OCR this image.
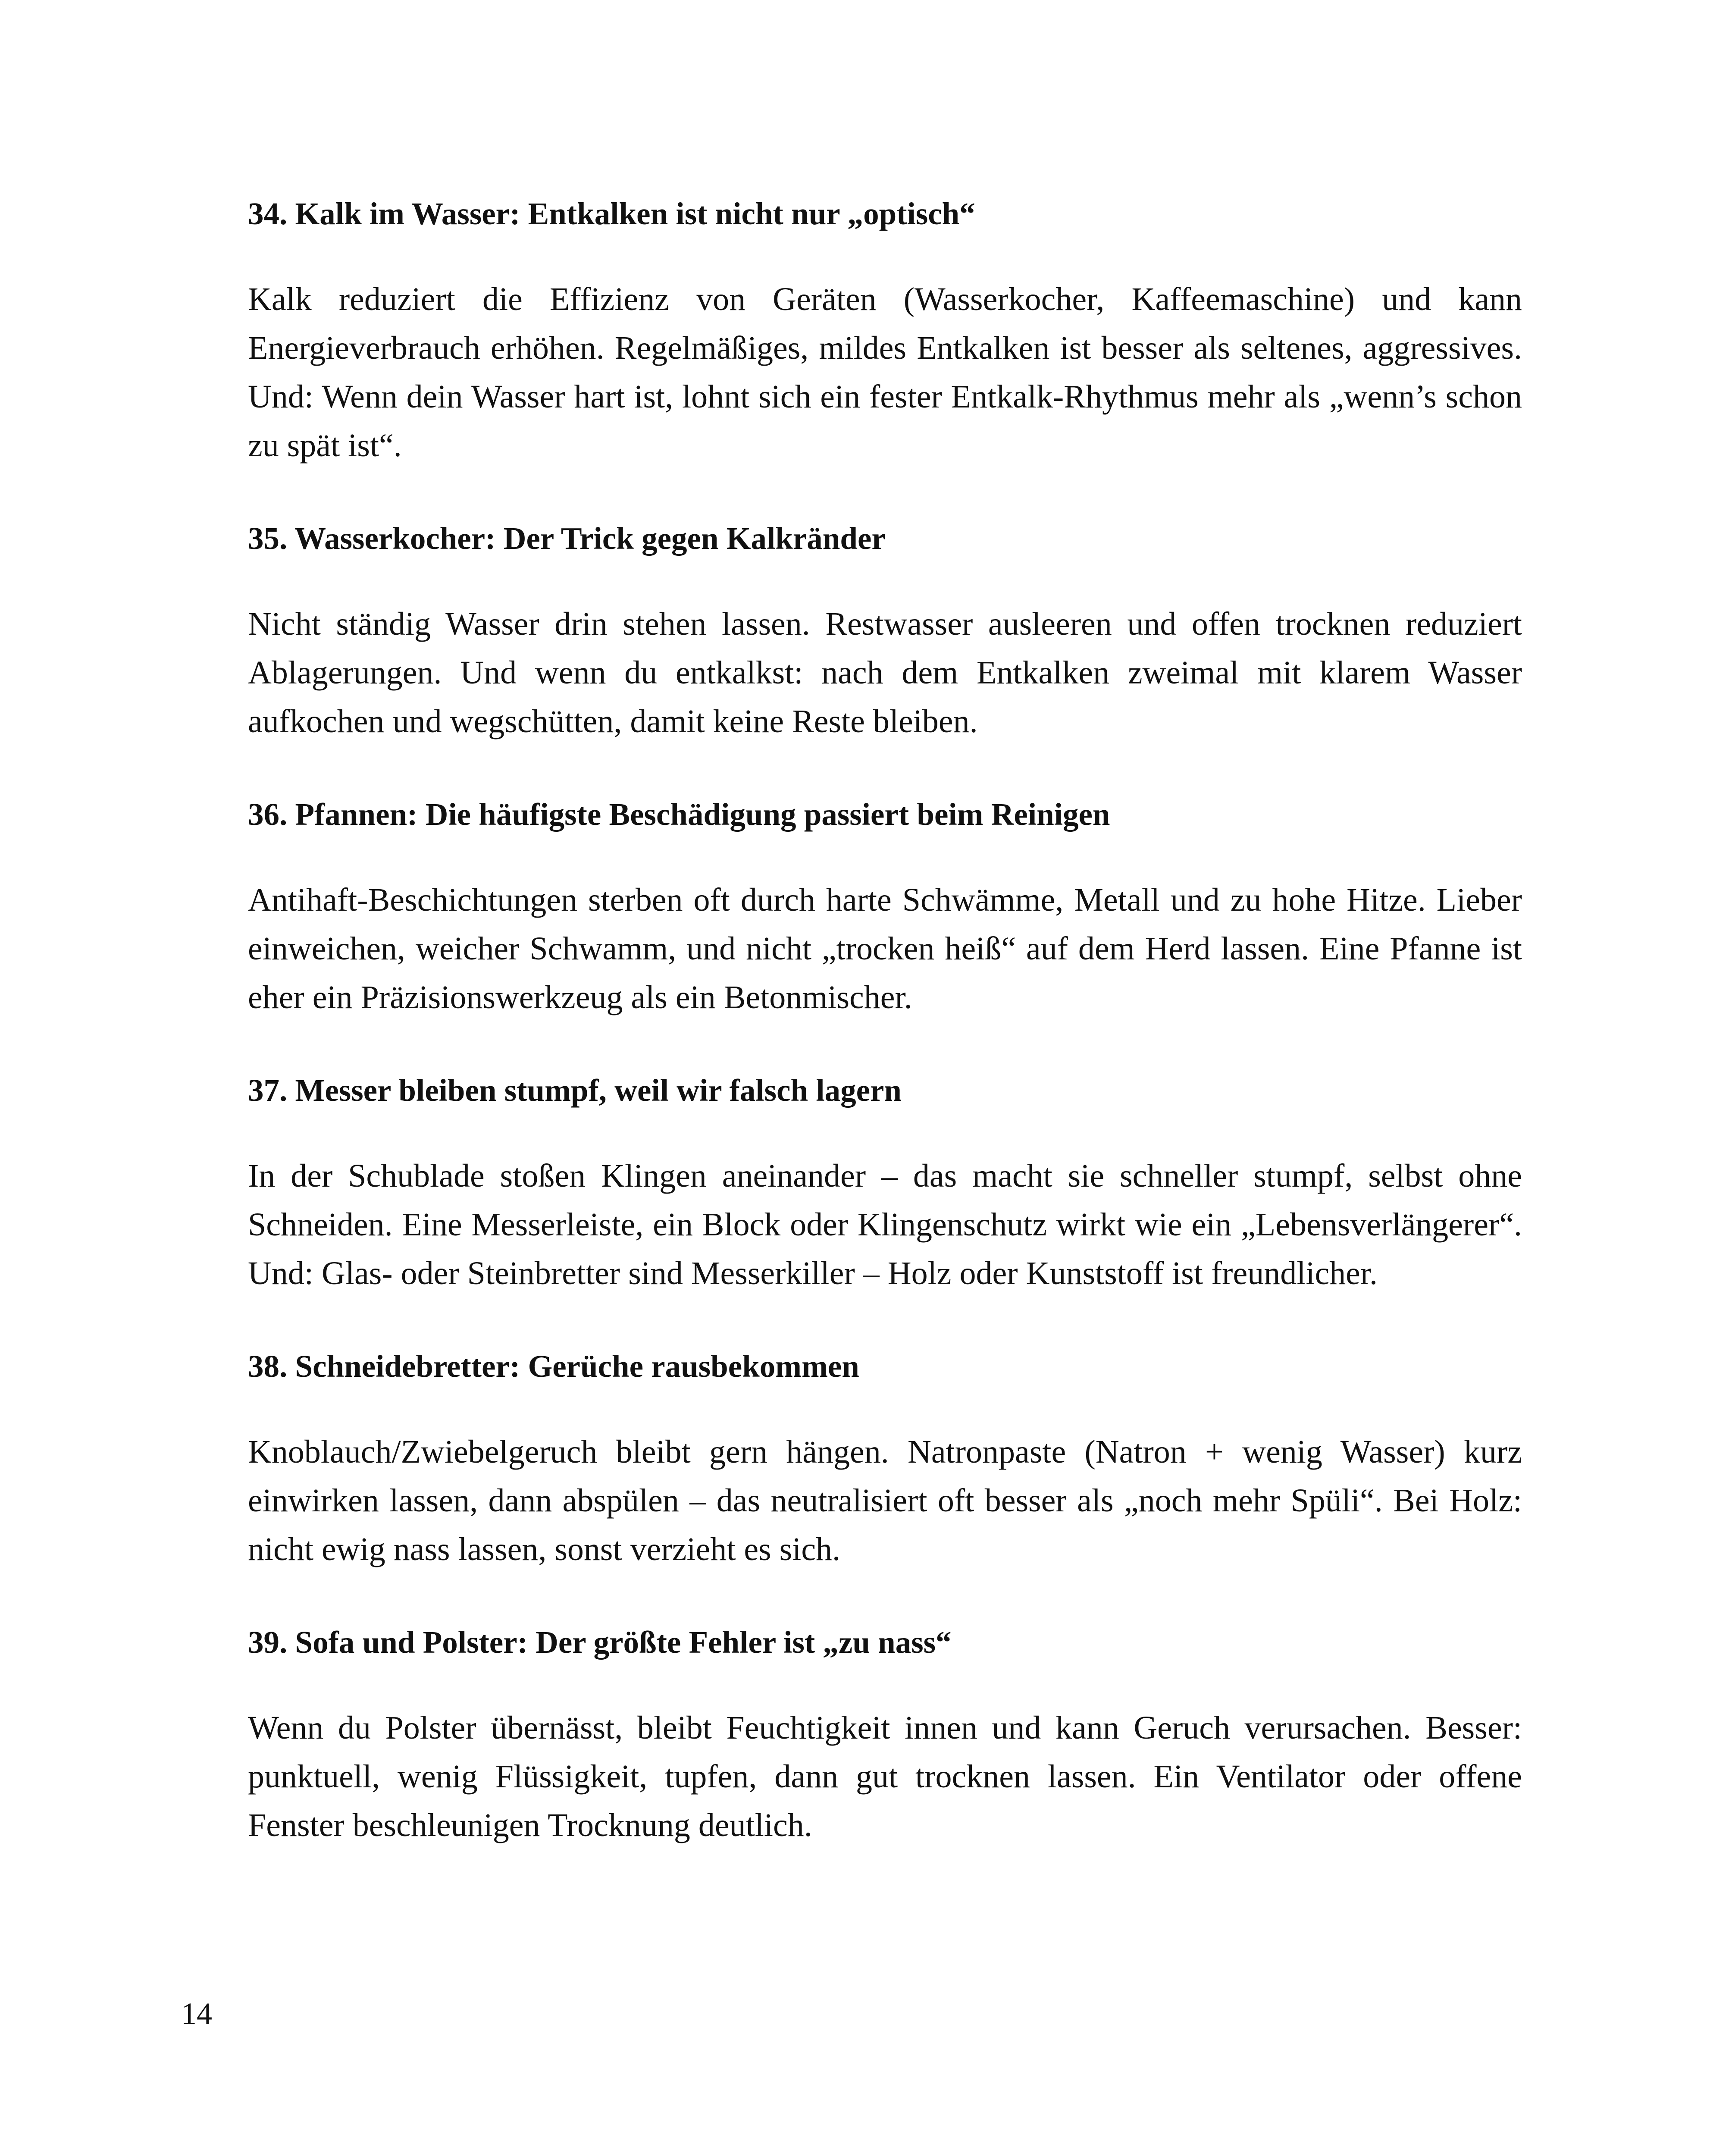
34. Kalk im Wasser: Entkalken ist nicht nur „optisch“

Kalk reduziert die Effizienz von Geräten (Wasserkocher, Kaffeemaschine) und kann Energieverbrauch erhöhen. Regelmäßiges, mildes Entkalken ist besser als seltenes, aggressives. Und: Wenn dein Wasser hart ist, lohnt sich ein fester Entkalk-Rhythmus mehr als „wenn’s schon zu spät ist“.

35. Wasserkocher: Der Trick gegen Kalkränder

Nicht ständig Wasser drin stehen lassen. Restwasser ausleeren und offen trocknen reduziert Ablagerungen. Und wenn du entkalkst: nach dem Entkalken zweimal mit klarem Wasser aufkochen und wegschütten, damit keine Reste bleiben.

36. Pfannen: Die häufigste Beschädigung passiert beim Reinigen

Antihaft-Beschichtungen sterben oft durch harte Schwämme, Metall und zu hohe Hitze. Lieber einweichen, weicher Schwamm, und nicht „trocken heiß“ auf dem Herd lassen. Eine Pfanne ist eher ein Präzisionswerkzeug als ein Betonmischer.

37. Messer bleiben stumpf, weil wir falsch lagern

In der Schublade stoßen Klingen aneinander – das macht sie schneller stumpf, selbst ohne Schneiden. Eine Messerleiste, ein Block oder Klingenschutz wirkt wie ein „Lebensverlängerer“. Und: Glas- oder Steinbretter sind Messerkiller – Holz oder Kunststoff ist freundlicher.

38. Schneidebretter: Gerüche rausbekommen

Knoblauch/Zwiebelgeruch bleibt gern hängen. Natronpaste (Natron + wenig Wasser) kurz einwirken lassen, dann abspülen – das neutralisiert oft besser als „noch mehr Spüli“. Bei Holz: nicht ewig nass lassen, sonst verzieht es sich.

39. Sofa und Polster: Der größte Fehler ist „zu nass“

Wenn du Polster übernässt, bleibt Feuchtigkeit innen und kann Geruch verursachen. Besser: punktuell, wenig Flüssigkeit, tupfen, dann gut trocknen lassen. Ein Ventilator oder offene Fenster beschleunigen Trocknung deutlich.

14
